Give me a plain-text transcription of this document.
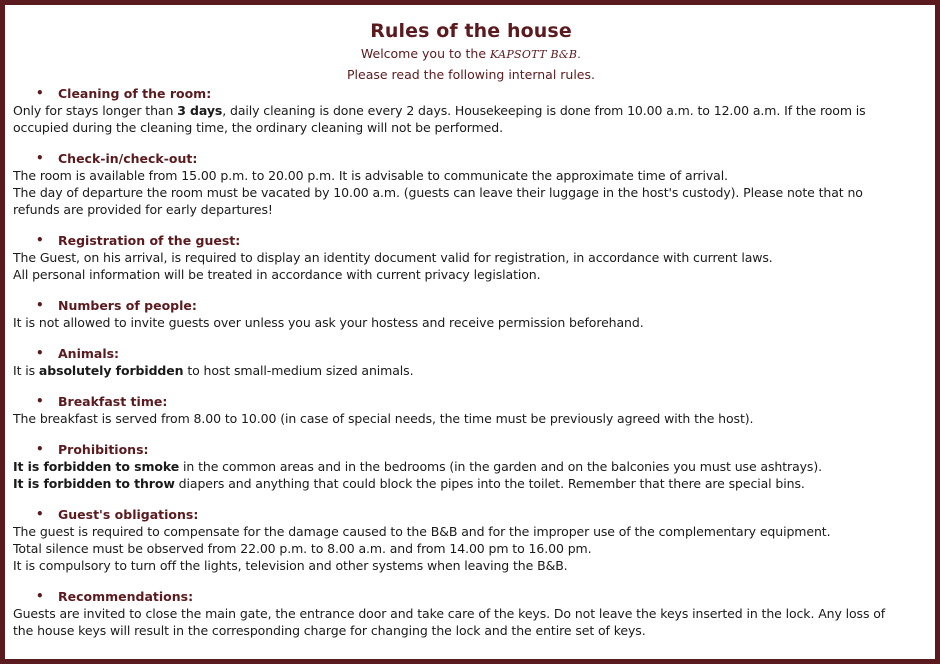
Rules of the house
Welcome you to the KAPSOTT B&B.
Please read the following internal rules.
• Cleaning of the room:
Only for stays longer than 3 days, daily cleaning is done every 2 days. Housekeeping is done from 10.00 a.m. to 12.00 a.m. If the room is
occupied during the cleaning time, the ordinary cleaning will not be performed.
• Check-in/check-out:
The room is available from 15.00 p.m. to 20.00 p.m. It is advisable to communicate the approximate time of arrival.
The day of departure the room must be vacated by 10.00 a.m. (guests can leave their luggage in the host's custody). Please note that no
refunds are provided for early departures!
• Registration of the guest:
The Guest, on his arrival, is required to display an identity document valid for registration, in accordance with current laws.
All personal information will be treated in accordance with current privacy legislation.
• Numbers of people:
It is not allowed to invite guests over unless you ask your hostess and receive permission beforehand.
• Animals:
It is absolutely forbidden to host small-medium sized animals.
• Breakfast time:
The breakfast is served from 8.00 to 10.00 (in case of special needs, the time must be previously agreed with the host).
• Prohibitions:
It is forbidden to smoke in the common areas and in the bedrooms (in the garden and on the balconies you must use ashtrays).
It is forbidden to throw diapers and anything that could block the pipes into the toilet. Remember that there are special bins.
• Guest's obligations:
The guest is required to compensate for the damage caused to the B&B and for the improper use of the complementary equipment.
Total silence must be observed from 22.00 p.m. to 8.00 a.m. and from 14.00 pm to 16.00 pm.
It is compulsory to turn off the lights, television and other systems when leaving the B&B.
• Recommendations:
Guests are invited to close the main gate, the entrance door and take care of the keys. Do not leave the keys inserted in the lock. Any loss of
the house keys will result in the corresponding charge for changing the lock and the entire set of keys.
